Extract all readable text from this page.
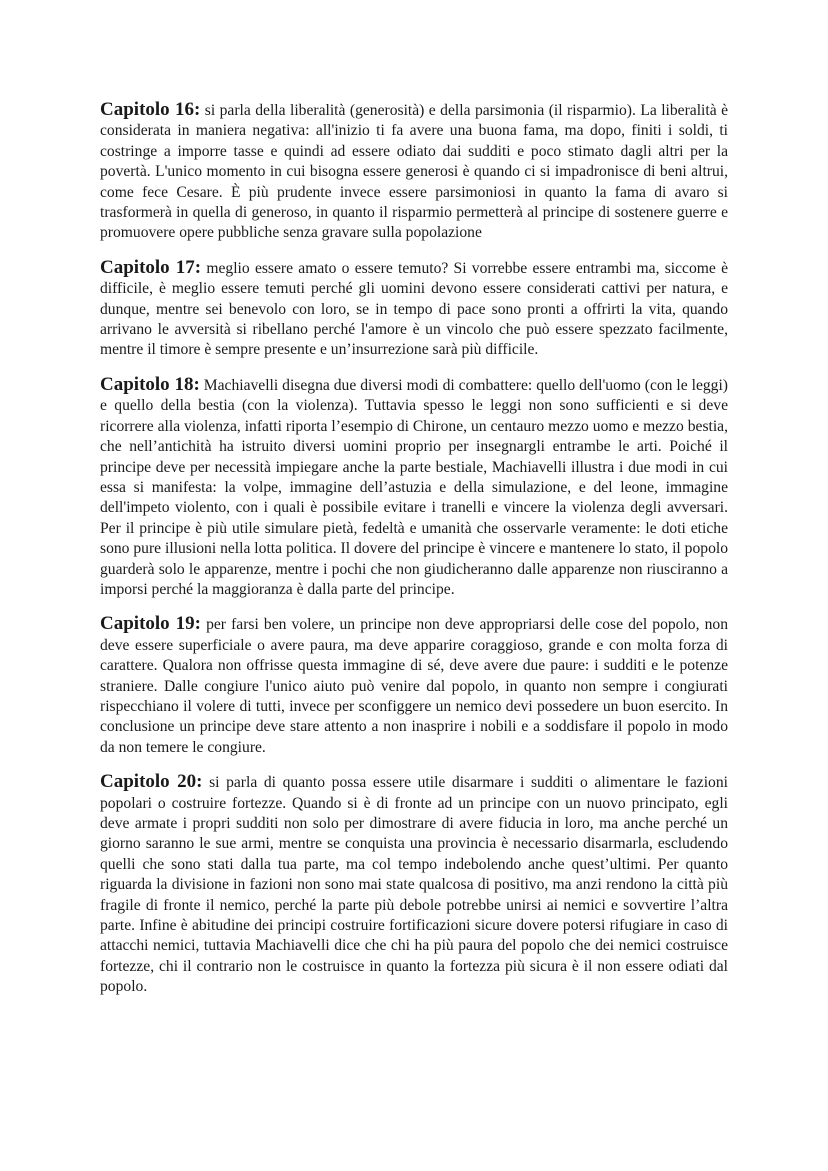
Capitolo 16: si parla della liberalità (generosità) e della parsimonia (il risparmio). La liberalità è considerata in maniera negativa: all'inizio ti fa avere una buona fama, ma dopo, finiti i soldi, ti costringe a imporre tasse e quindi ad essere odiato dai sudditi e poco stimato dagli altri per la povertà. L'unico momento in cui bisogna essere generosi è quando ci si impadronisce di beni altrui, come fece Cesare. È più prudente invece essere parsimoniosi in quanto la fama di avaro si trasformerà in quella di generoso, in quanto il risparmio permetterà al principe di sostenere guerre e promuovere opere pubbliche senza gravare sulla popolazione

Capitolo 17: meglio essere amato o essere temuto? Si vorrebbe essere entrambi ma, siccome è difficile, è meglio essere temuti perché gli uomini devono essere considerati cattivi per natura, e dunque, mentre sei benevolo con loro, se in tempo di pace sono pronti a offrirti la vita, quando arrivano le avversità si ribellano perché l'amore è un vincolo che può essere spezzato facilmente, mentre il timore è sempre presente e un’insurrezione sarà più difficile.

Capitolo 18: Machiavelli disegna due diversi modi di combattere: quello dell'uomo (con le leggi) e quello della bestia (con la violenza). Tuttavia spesso le leggi non sono sufficienti e si deve ricorrere alla violenza, infatti riporta l’esempio di Chirone, un centauro mezzo uomo e mezzo bestia, che nell’antichità ha istruito diversi uomini proprio per insegnargli entrambe le arti. Poiché il principe deve per necessità impiegare anche la parte bestiale, Machiavelli illustra i due modi in cui essa si manifesta: la volpe, immagine dell’astuzia e della simulazione, e del leone, immagine dell'impeto violento, con i quali è possibile evitare i tranelli e vincere la violenza degli avversari. Per il principe è più utile simulare pietà, fedeltà e umanità che osservarle veramente: le doti etiche sono pure illusioni nella lotta politica. Il dovere del principe è vincere e mantenere lo stato, il popolo guarderà solo le apparenze, mentre i pochi che non giudicheranno dalle apparenze non riusciranno a imporsi perché la maggioranza è dalla parte del principe.

Capitolo 19: per farsi ben volere, un principe non deve appropriarsi delle cose del popolo, non deve essere superficiale o avere paura, ma deve apparire coraggioso, grande e con molta forza di carattere. Qualora non offrisse questa immagine di sé, deve avere due paure: i sudditi e le potenze straniere. Dalle congiure l'unico aiuto può venire dal popolo, in quanto non sempre i congiurati rispecchiano il volere di tutti, invece per sconfiggere un nemico devi possedere un buon esercito. In conclusione un principe deve stare attento a non inasprire i nobili e a soddisfare il popolo in modo da non temere le congiure.

Capitolo 20: si parla di quanto possa essere utile disarmare i sudditi o alimentare le fazioni popolari o costruire fortezze. Quando si è di fronte ad un principe con un nuovo principato, egli deve armate i propri sudditi non solo per dimostrare di avere fiducia in loro, ma anche perché un giorno saranno le sue armi, mentre se conquista una provincia è necessario disarmarla, escludendo quelli che sono stati dalla tua parte, ma col tempo indebolendo anche quest’ultimi. Per quanto riguarda la divisione in fazioni non sono mai state qualcosa di positivo, ma anzi rendono la città più fragile di fronte il nemico, perché la parte più debole potrebbe unirsi ai nemici e sovvertire l’altra parte. Infine è abitudine dei principi costruire fortificazioni sicure dovere potersi rifugiare in caso di attacchi nemici, tuttavia Machiavelli dice che chi ha più paura del popolo che dei nemici costruisce fortezze, chi il contrario non le costruisce in quanto la fortezza più sicura è il non essere odiati dal popolo.
